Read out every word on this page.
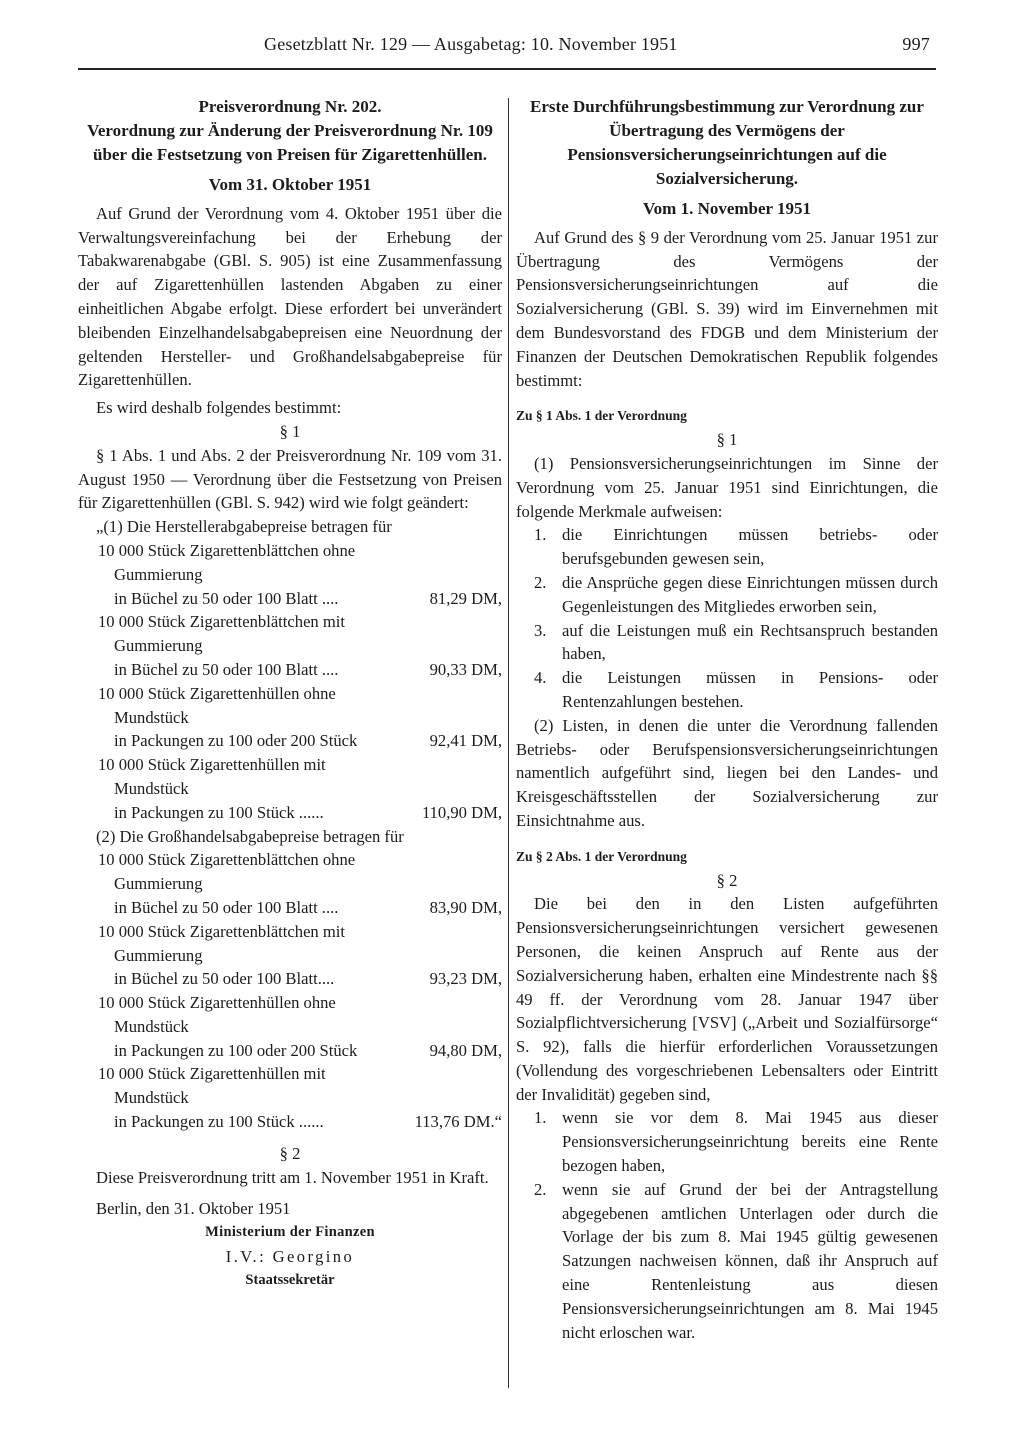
Gesetzblatt Nr. 129 — Ausgabetag: 10. November 1951	997
Preisverordnung Nr. 202.
Verordnung zur Änderung der Preisverordnung Nr. 109 über die Festsetzung von Preisen für Zigarettenhüllen.
Vom 31. Oktober 1951

Auf Grund der Verordnung vom 4. Oktober 1951 über die Verwaltungsvereinfachung bei der Erhebung der Tabakwarenabgabe (GBl. S. 905) ist eine Zusammenfassung der auf Zigarettenhüllen lastenden Abgaben zu einer einheitlichen Abgabe erfolgt. Diese erfordert bei unverändert bleibenden Einzelhandelsabgabepreisen eine Neuordnung der geltenden Hersteller- und Großhandelsabgabepreise für Zigarettenhüllen.

Es wird deshalb folgendes bestimmt:

§ 1

§ 1 Abs. 1 und Abs. 2 der Preisverordnung Nr. 109 vom 31. August 1950 — Verordnung über die Festsetzung von Preisen für Zigarettenhüllen (GBl. S. 942) wird wie folgt geändert:

„(1) Die Herstellerabgabepreise betragen für

10 000 Stück Zigarettenblättchen ohne
Gummierung
in Büchel zu 50 oder 100 Blatt ....	81,29 DM,
10 000 Stück Zigarettenblättchen mit
Gummierung
in Büchel zu 50 oder 100 Blatt ....	90,33 DM,
10 000 Stück Zigarettenhüllen ohne
Mundstück
in Packungen zu 100 oder 200 Stück	92,41 DM,
10 000 Stück Zigarettenhüllen mit
Mundstück
in Packungen zu 100 Stück ......	110,90 DM,

(2) Die Großhandelsabgabepreise betragen für

10 000 Stück Zigarettenblättchen ohne
Gummierung
in Büchel zu 50 oder 100 Blatt ....	83,90 DM,
10 000 Stück Zigarettenblättchen mit
Gummierung
in Büchel zu 50 oder 100 Blatt....	93,23 DM,
10 000 Stück Zigarettenhüllen ohne
Mundstück
in Packungen zu 100 oder 200 Stück	94,80 DM,
10 000 Stück Zigarettenhüllen mit
Mundstück
in Packungen zu 100 Stück ......	113,76 DM.“

§ 2

Diese Preisverordnung tritt am 1. November 1951 in Kraft.

Berlin, den 31. Oktober 1951

Ministerium der Finanzen
I.V.: Georgino
Staatssekretär
Erste Durchführungsbestimmung zur Verordnung zur Übertragung des Vermögens der Pensionsversicherungseinrichtungen auf die Sozialversicherung.
Vom 1. November 1951

Auf Grund des § 9 der Verordnung vom 25. Januar 1951 zur Übertragung des Vermögens der Pensionsversicherungseinrichtungen auf die Sozialversicherung (GBl. S. 39) wird im Einvernehmen mit dem Bundesvorstand des FDGB und dem Ministerium der Finanzen der Deutschen Demokratischen Republik folgendes bestimmt:

Zu § 1 Abs. 1 der Verordnung

§ 1

(1) Pensionsversicherungseinrichtungen im Sinne der Verordnung vom 25. Januar 1951 sind Einrichtungen, die folgende Merkmale aufweisen:

1. die Einrichtungen müssen betriebs- oder berufsgebunden gewesen sein,
2. die Ansprüche gegen diese Einrichtungen müssen durch Gegenleistungen des Mitgliedes erworben sein,
3. auf die Leistungen muß ein Rechtsanspruch bestanden haben,
4. die Leistungen müssen in Pensions- oder Rentenzahlungen bestehen.

(2) Listen, in denen die unter die Verordnung fallenden Betriebs- oder Berufspensionsversicherungseinrichtungen namentlich aufgeführt sind, liegen bei den Landes- und Kreisgeschäftsstellen der Sozialversicherung zur Einsichtnahme aus.

Zu § 2 Abs. 1 der Verordnung

§ 2

Die bei den in den Listen aufgeführten Pensionsversicherungseinrichtungen versichert gewesenen Personen, die keinen Anspruch auf Rente aus der Sozialversicherung haben, erhalten eine Mindestrente nach §§ 49 ff. der Verordnung vom 28. Januar 1947 über Sozialpflichtversicherung [VSV] („Arbeit und Sozialfürsorge“ S. 92), falls die hierfür erforderlichen Voraussetzungen (Vollendung des vorgeschriebenen Lebensalters oder Eintritt der Invalidität) gegeben sind,

1. wenn sie vor dem 8. Mai 1945 aus dieser Pensionsversicherungseinrichtung bereits eine Rente bezogen haben,
2. wenn sie auf Grund der bei der Antragstellung abgegebenen amtlichen Unterlagen oder durch die Vorlage der bis zum 8. Mai 1945 gültig gewesenen Satzungen nachweisen können, daß ihr Anspruch auf eine Rentenleistung aus diesen Pensionsversicherungseinrichtungen am 8. Mai 1945 nicht erloschen war.
